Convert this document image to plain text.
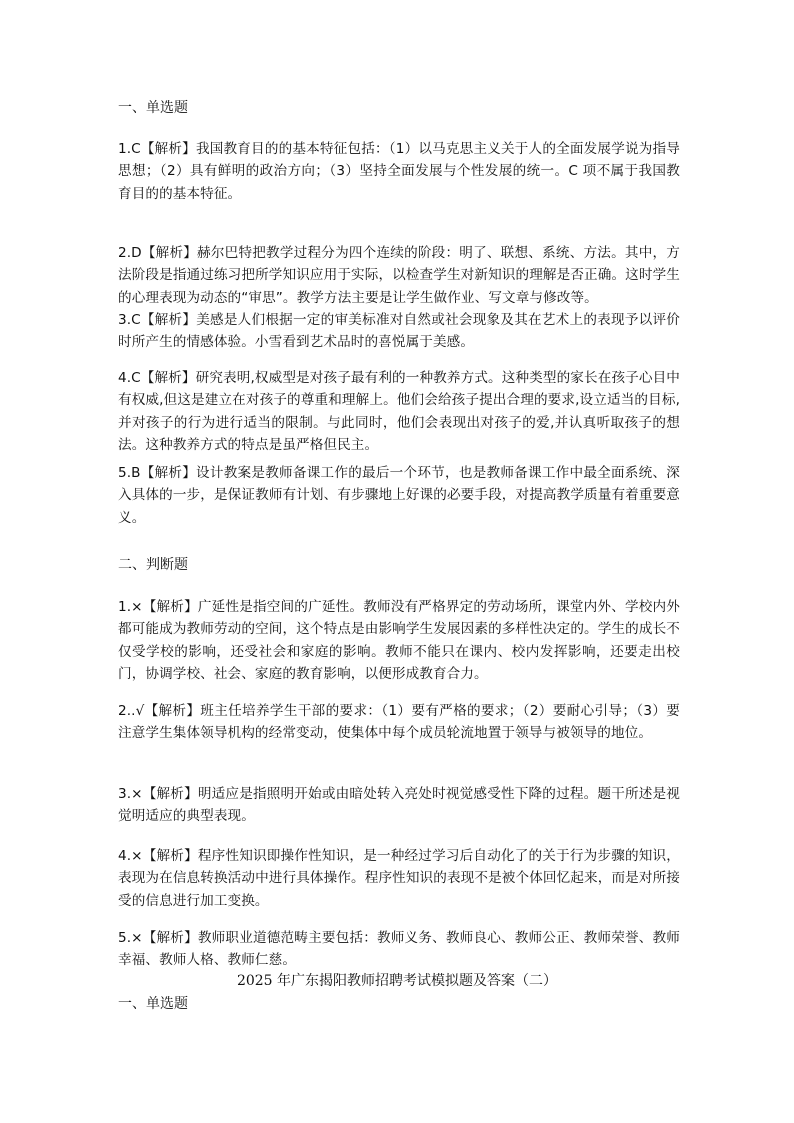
一、单选题
1.C【解析】我国教育目的的基本特征包括：（1）以马克思主义关于人的全面发展学说为指导思想；（2）具有鲜明的政治方向；（3）坚持全面发展与个性发展的统一。C 项不属于我国教育目的的基本特征。
2.D【解析】赫尔巴特把教学过程分为四个连续的阶段：明了、联想、系统、方法。其中，方法阶段是指通过练习把所学知识应用于实际，以检查学生对新知识的理解是否正确。这时学生的心理表现为动态的“审思”。教学方法主要是让学生做作业、写文章与修改等。
3.C【解析】美感是人们根据一定的审美标准对自然或社会现象及其在艺术上的表现予以评价时所产生的情感体验。小雪看到艺术品时的喜悦属于美感。
4.C【解析】研究表明,权威型是对孩子最有利的一种教养方式。这种类型的家长在孩子心目中有权威,但这是建立在对孩子的尊重和理解上。他们会给孩子提出合理的要求,设立适当的目标,并对孩子的行为进行适当的限制。与此同时，他们会表现出对孩子的爱,并认真听取孩子的想法。这种教养方式的特点是虽严格但民主。
5.B【解析】设计教案是教师备课工作的最后一个环节，也是教师备课工作中最全面系统、深入具体的一步，是保证教师有计划、有步骤地上好课的必要手段，对提高教学质量有着重要意义。
二、判断题
1.×【解析】广延性是指空间的广延性。教师没有严格界定的劳动场所，课堂内外、学校内外都可能成为教师劳动的空间，这个特点是由影响学生发展因素的多样性决定的。学生的成长不仅受学校的影响，还受社会和家庭的影响。教师不能只在课内、校内发挥影响，还要走出校门，协调学校、社会、家庭的教育影响，以便形成教育合力。
2..√【解析】班主任培养学生干部的要求：（1）要有严格的要求；（2）要耐心引导；（3）要注意学生集体领导机构的经常变动，使集体中每个成员轮流地置于领导与被领导的地位。
3.×【解析】明适应是指照明开始或由暗处转入亮处时视觉感受性下降的过程。题干所述是视觉明适应的典型表现。
4.×【解析】程序性知识即操作性知识，是一种经过学习后自动化了的关于行为步骤的知识，表现为在信息转换活动中进行具体操作。程序性知识的表现不是被个体回忆起来，而是对所接受的信息进行加工变换。
5.×【解析】教师职业道德范畴主要包括：教师义务、教师良心、教师公正、教师荣誉、教师幸福、教师人格、教师仁慈。
2025 年广东揭阳教师招聘考试模拟题及答案（二）
一、单选题
